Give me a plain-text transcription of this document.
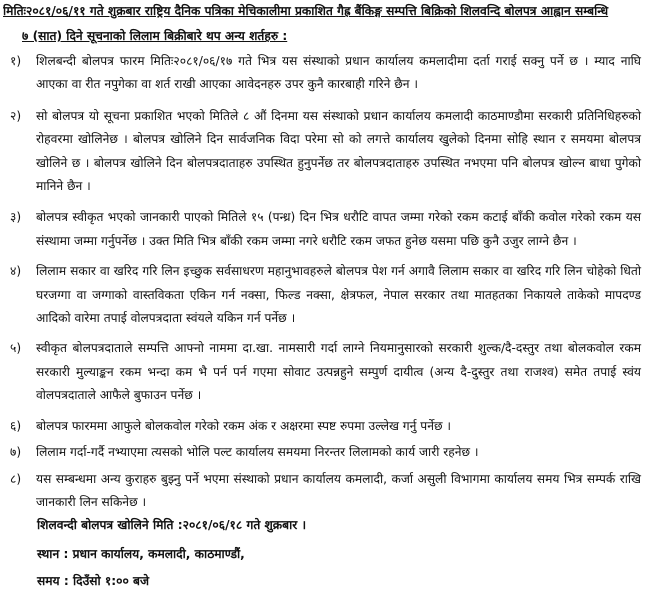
मितिः२०८१/०६/११ गते शुक्रबार राष्ट्रिय दैनिक पत्रिका मेचिकालीमा प्रकाशित गैह्र बैंकिङ्ग सम्पत्ति बिक्रिको शिलवन्दि बोलपत्र आह्वान सम्बन्धि
७ (सात) दिने सूचनाको लिलाम बिक्रीबारे थप अन्य शर्तहरु :
१) शिलबन्दी बोलपत्र फारम मितिः२०८१/०६/१७ गते भित्र यस संस्थाको प्रधान कार्यालय कमलादीमा दर्ता गराई सक्नु पर्ने छ । म्याद नाघि आएका वा रीत नपुगेका वा शर्त राखी आएका आवेदनहरु उपर कुनै कारबाही गरिने छैन ।
२) सो बोलपत्र यो सूचना प्रकाशित भएको मितिले ८ औं दिनमा यस संस्थाको प्रधान कार्यालय कमलादी काठमाण्डौमा सरकारी प्रतिनिधिहरुको रोहवरमा खोलिनेछ । बोलपत्र खोलिने दिन सार्वजनिक विदा परेमा सो को लगत्ते कार्यालय खुलेको दिनमा सोहि स्थान र समयमा बोलपत्र खोलिने छ । बोलपत्र खोलिने दिन बोलपत्रदाताहरु उपस्थित हुनुपर्नेछ तर बोलपत्रदाताहरु उपस्थित नभएमा पनि बोलपत्र खोल्न बाधा पुगेको मानिने छैन ।
३) बोलपत्र स्वीकृत भएको जानकारी पाएको मितिले १५ (पन्ध्र) दिन भित्र धरौटि वापत जम्मा गरेको रकम कटाई बाँकी कवोल गरेको रकम यस संस्थामा जम्मा गर्नुपर्नेछ । उक्त मिति भित्र बाँकी रकम जम्मा नगरे धरौटि रकम जफत हुनेछ यसमा पछि कुनै उजुर लाग्ने छैन ।
४) लिलाम सकार वा खरिद गरि लिन इच्छुक सर्वसाधरण महानुभावहरुले बोलपत्र पेश गर्न अगावै लिलाम सकार वा खरिद गरि लिन चोहेको धितो घरजग्गा वा जग्गाको वास्तविकता एकिन गर्न नक्सा, फिल्ड नक्सा, क्षेत्रफल, नेपाल सरकार तथा मातहतका निकायले ताकेको मापदण्ड आदिको वारेमा तपाई वोलपत्रदाता स्वंयले यकिन गर्न पर्नेछ ।
५) स्वीकृत बोलपत्रदाताले सम्पत्ति आफ्नो नाममा दा.खा. नामसारी गर्दा लाग्ने नियमानुसारको सरकारी शुल्क/दै-दस्तुर तथा बोलकवोल रकम सरकारी मुल्याङ्कन रकम भन्दा कम भै पर्न पर्न गएमा सोवाट उत्पन्नहुने सम्पुर्ण दायीत्व (अन्य दै-दुस्तुर तथा राजश्व) समेत तपाई स्वंय वोलपत्रदाताले आफैले बुफाउन पर्नेछ ।
६) बोलपत्र फारममा आफुले बोलकवोल गरेको रकम अंक र अक्षरमा स्पष्ट रुपमा उल्लेख गर्नु पर्नेछ ।
७) लिलाम गर्दा-गर्दै नभ्याएमा त्यसको भोलि पल्ट कार्यालय समयमा निरन्तर लिलामको कार्य जारी रहनेछ ।
८) यस सम्बन्धमा अन्य कुराहरु बुझ्नु पर्ने भएमा संस्थाको प्रधान कार्यालय कमलादी, कर्जा असुली विभागमा कार्यालय समय भित्र सम्पर्क राखि जानकारी लिन सकिनेछ ।
शिलवन्दी बोलपत्र खोलिने मिति :२०८१/०६/१८ गते शुक्रबार ।
स्थान : प्रधान कार्यालय, कमलादी, काठमाण्डौं,
समय : दिउँसो १:०० बजे
